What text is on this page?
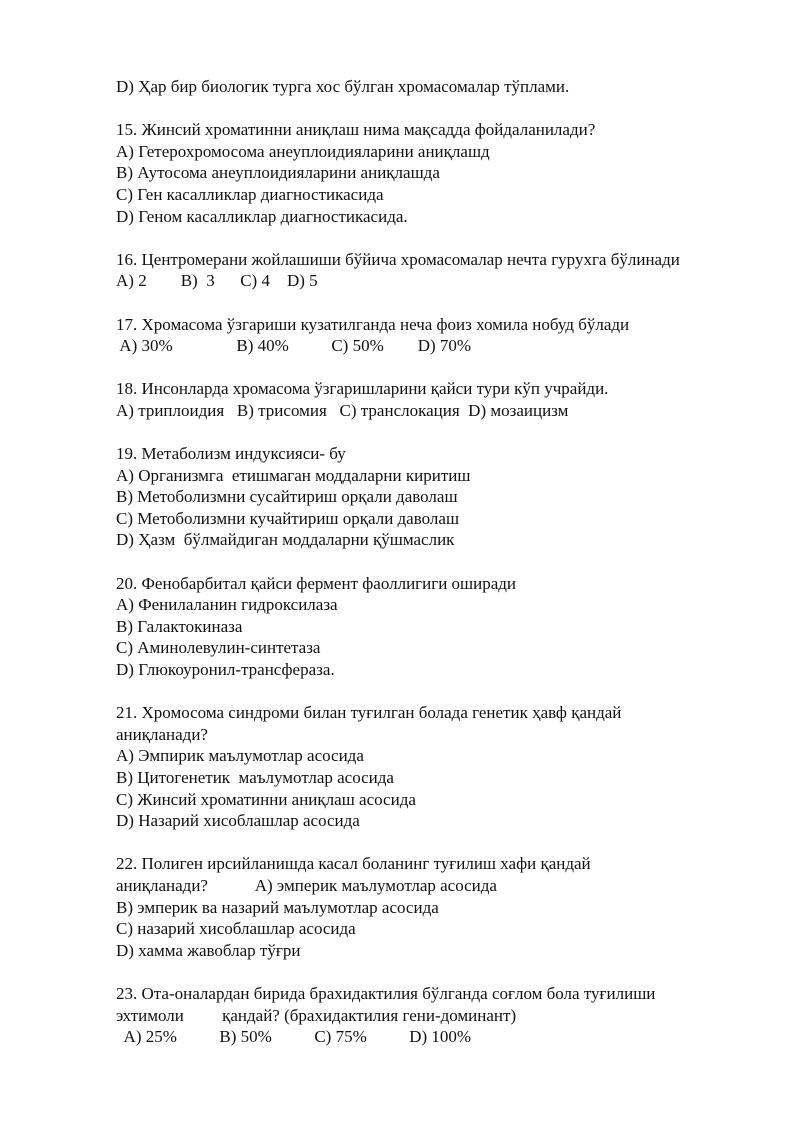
D) Ҳар бир биологик турга хос бўлган хромасомалар тўплами.

15. Жинсий хроматинни аниқлаш нима мақсадда фойдаланилади?

A) Гетерохромосома анеуплоидияларини аниқлашд

B) Аутосома анеуплоидияларини аниқлашда

C) Ген касалликлар диагностикасида

D) Геном касалликлар диагностикасида.

16. Центромерани жойлашиши бўйича хромасомалар нечта гурухга бўлинади

A) 2        B)  3      C) 4    D) 5

17. Хромасома ўзгариши кузатилганда неча фоиз хомила нобуд бўлади

A) 30%               B) 40%          C) 50%        D) 70%

18. Инсонларда хромасома ўзгаришларини қайси тури кўп учрайди.

A) триплоидия   B) трисомия   C) транслокация  D) мозаицизм

19. Метаболизм индуксияси- бу

A) Организмга  етишмаган моддаларни киритиш

B) Метоболизмни сусайтириш орқали даволаш

C) Метоболизмни кучайтириш орқали даволаш

D) Ҳазм  бўлмайдиган моддаларни қўшмаслик

20. Фенобарбитал қайси фермент фаоллигиги оширади

A) Фенилаланин гидроксилаза

B) Галактокиназа

C) Аминолевулин-синтетаза

D) Глюкоуронил-трансфераза.

21. Хромосома синдроми билан туғилган болада генетик ҳавф қандай

аниқланади?

A) Эмпирик маълумотлар асосида

B) Цитогенетик  маълумотлар асосида

C) Жинсий хроматинни аниқлаш асосида

D) Назарий хисоблашлар асосида

22. Полиген ирсийланишда касал боланинг туғилиш хафи қандай

аниқланади?           A) эмперик маълумотлар асосида

B) эмперик ва назарий маълумотлар асосида

C) назарий хисоблашлар асосида

D) хамма жавоблар тўғри

23. Ота-оналардан бирида брахидактилия бўлганда соғлом бола туғилиши

эхтимоли         қандай? (брахидактилия гени-доминант)

A) 25%          B) 50%          C) 75%          D) 100%
